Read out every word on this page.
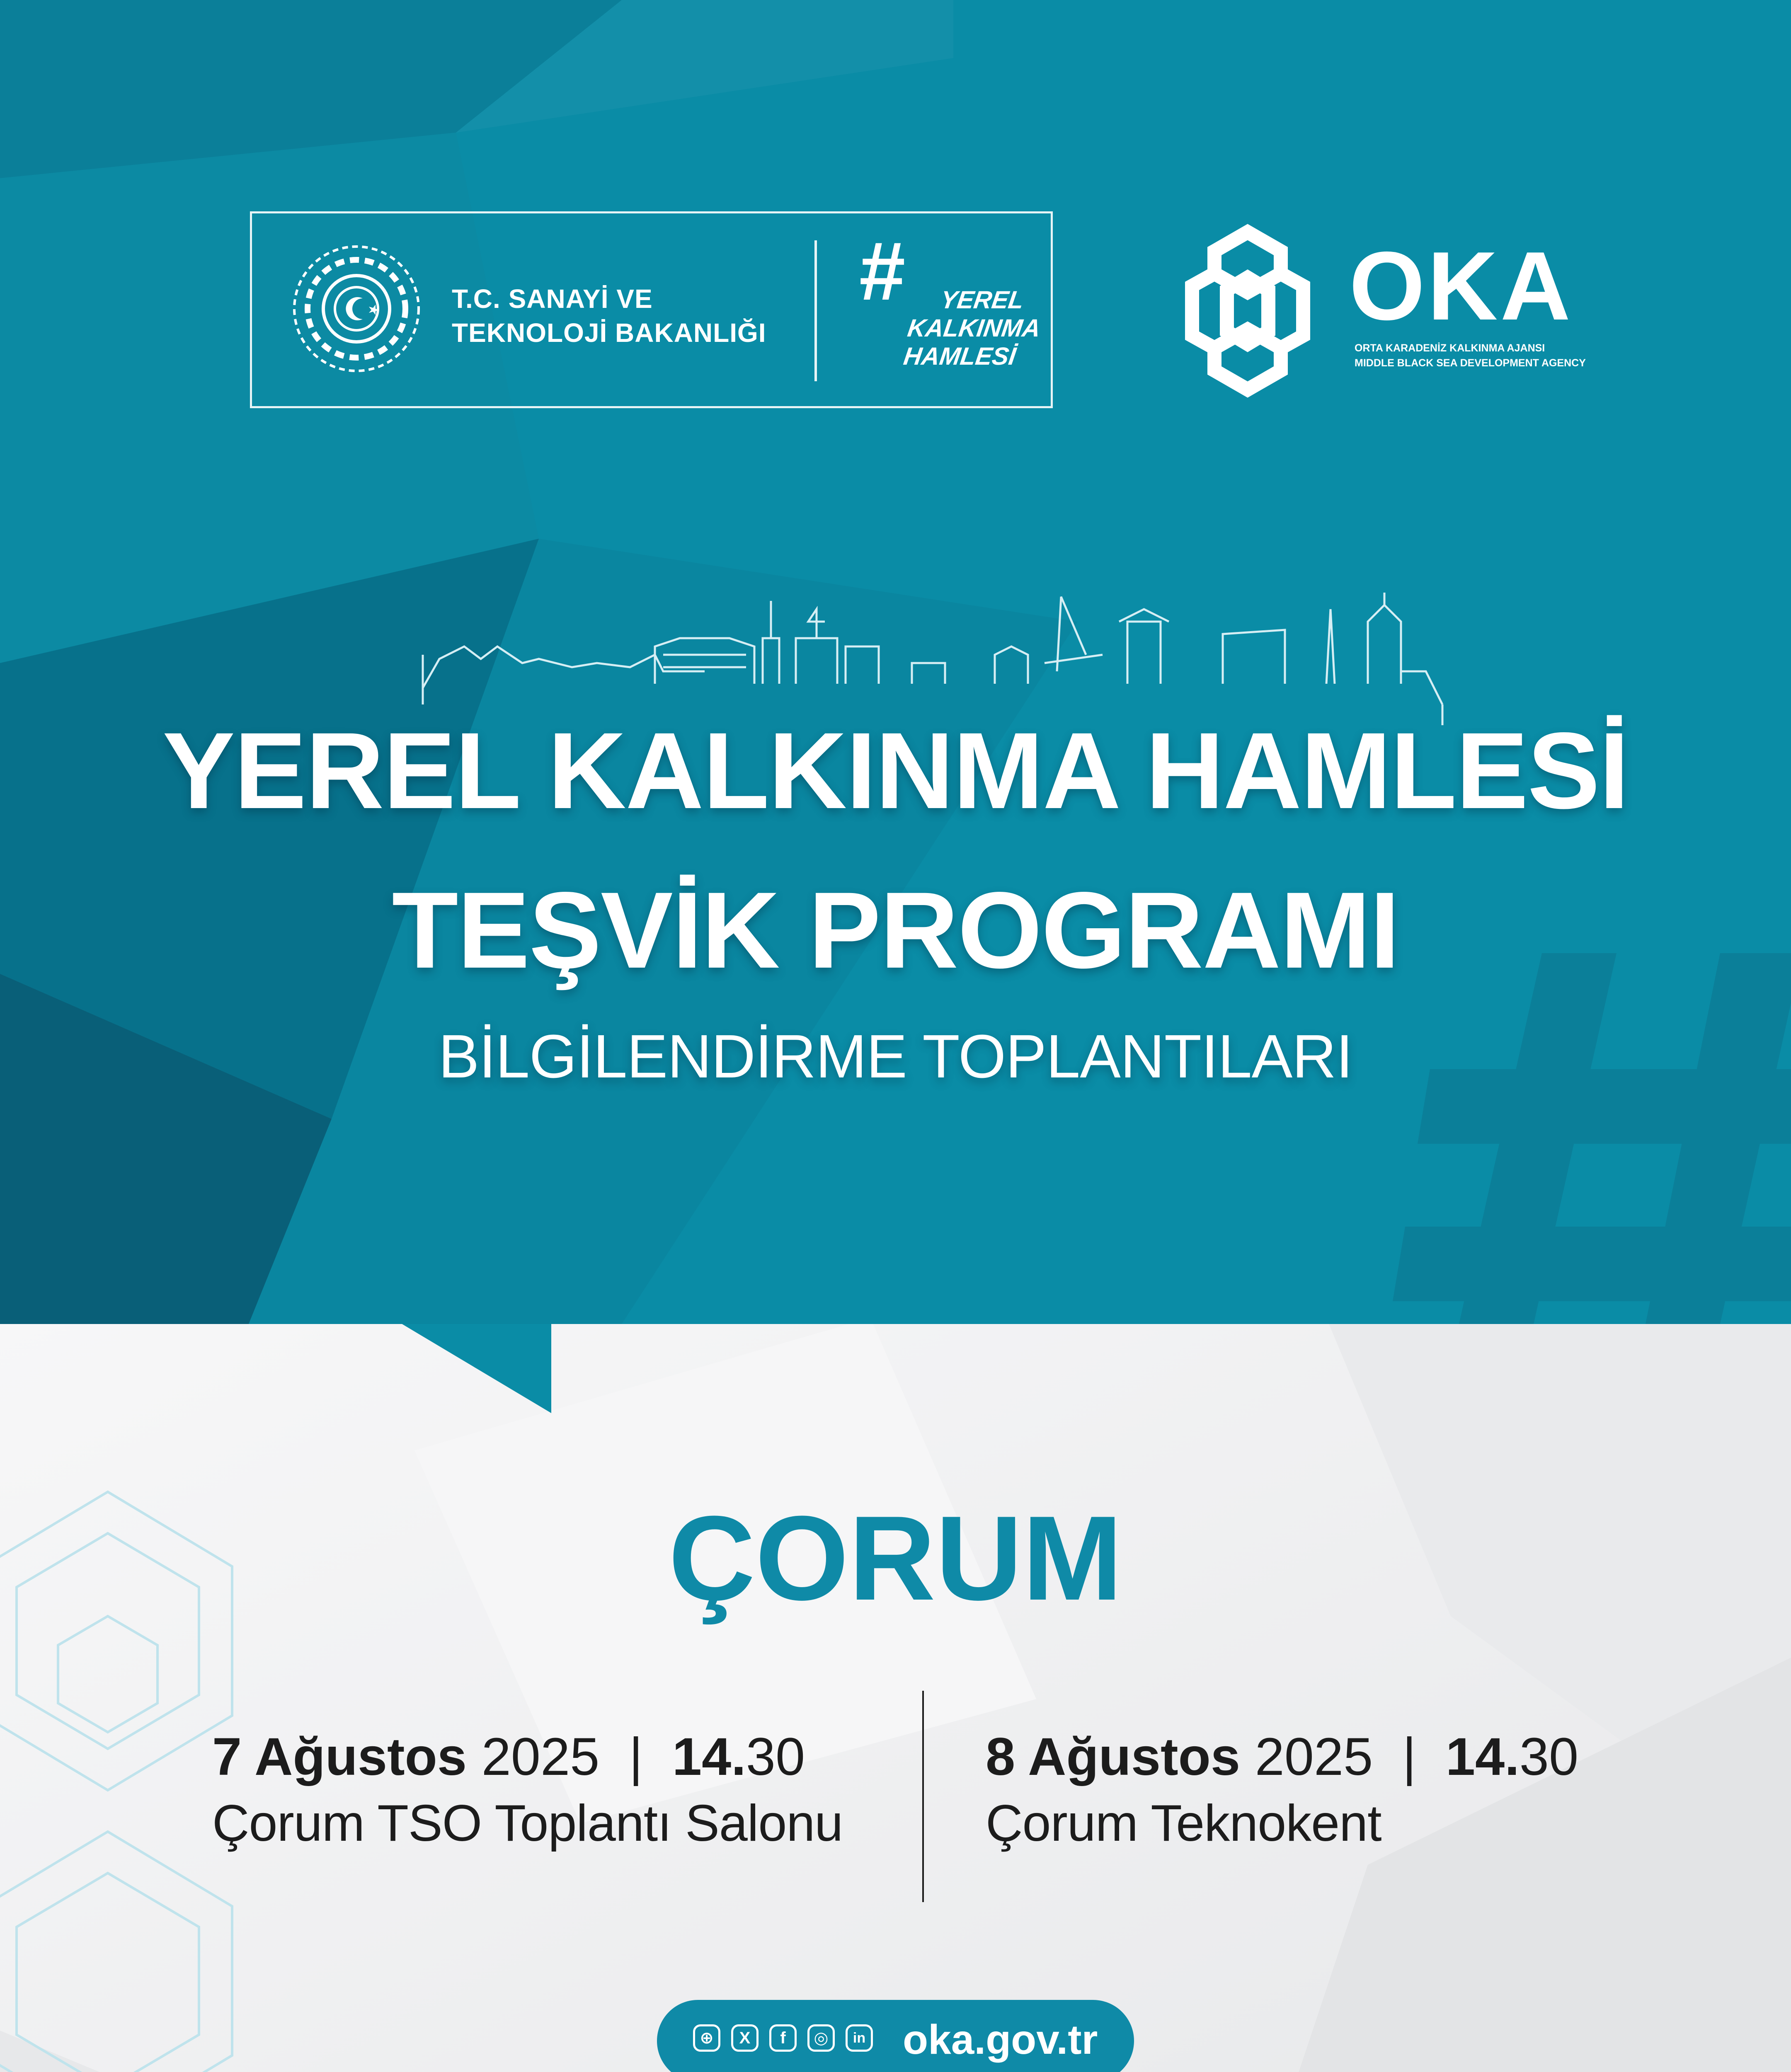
T.C. SANAYİ VE
TEKNOLOJİ BAKANLIĞI
#	YEREL
KALKINMA
HAMLESİ
OKA
ORTA KARADENİZ KALKINMA AJANSI
MIDDLE BLACK SEA DEVELOPMENT AGENCY
YEREL KALKINMA HAMLESİ
TEŞVİK PROGRAMI
BİLGİLENDİRME TOPLANTILARI
ÇORUM
7 Ağustos 2025 | 14.30
Çorum TSO Toplantı Salonu
8 Ağustos 2025 | 14.30
Çorum Teknokent
⊕	X	f	◎	in oka.gov.tr
